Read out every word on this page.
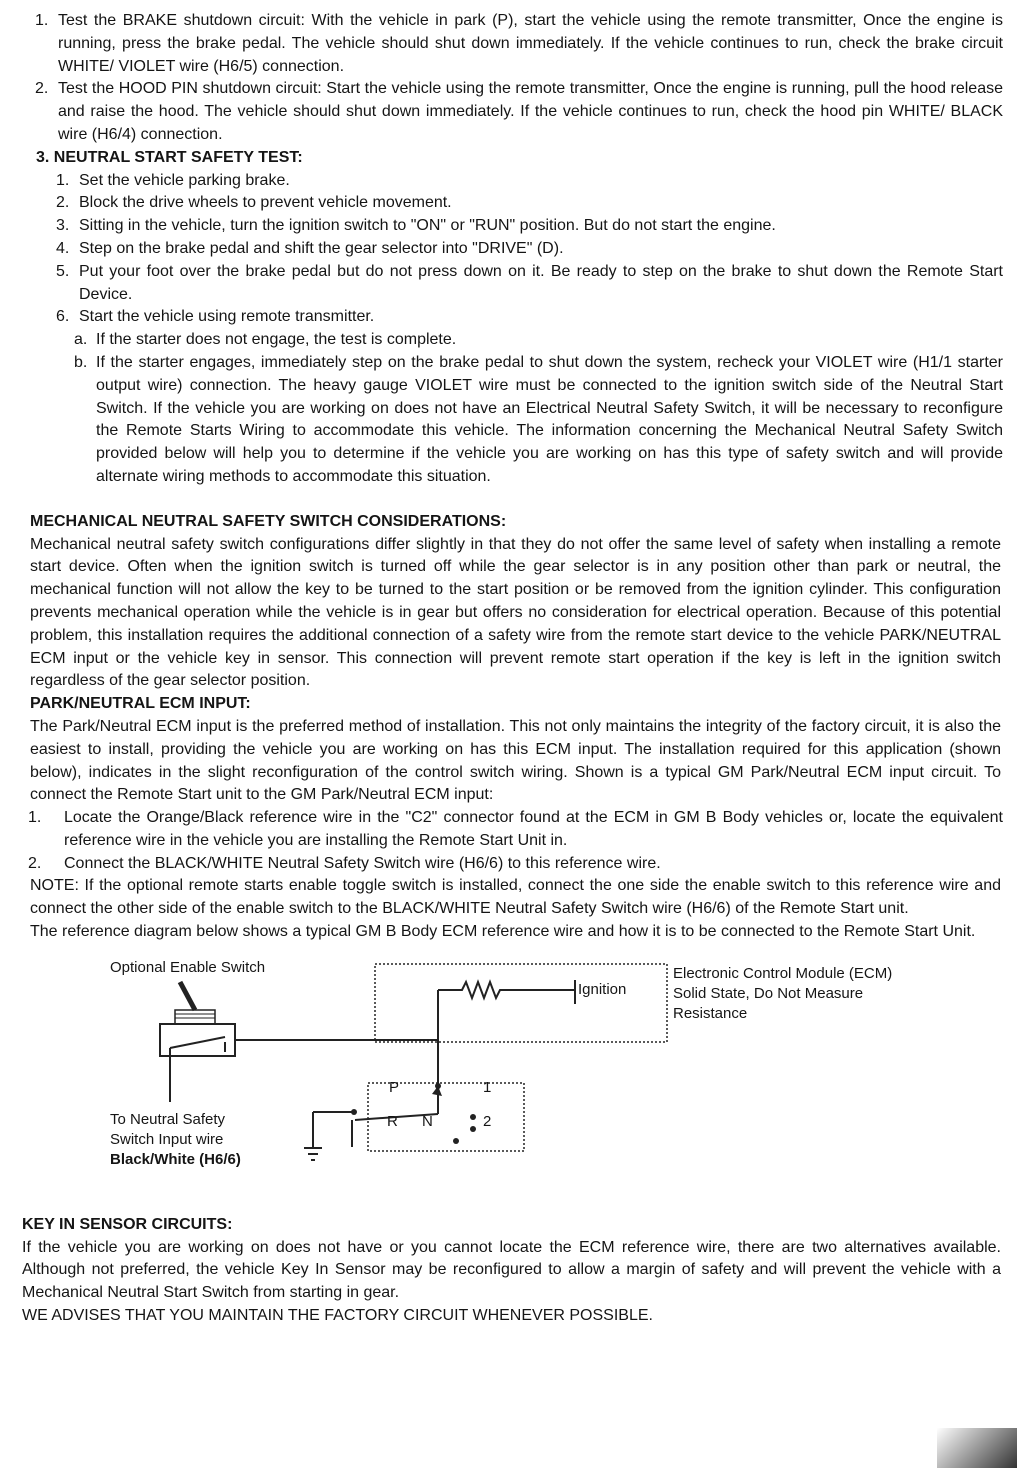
1. Test the BRAKE shutdown circuit: With the vehicle in park (P), start the vehicle using the remote transmitter, Once the engine is running, press the brake pedal. The vehicle should shut down immediately. If the vehicle continues to run, check the brake circuit WHITE/ VIOLET wire (H6/5) connection.

2. Test the HOOD PIN shutdown circuit: Start the vehicle using the remote transmitter, Once the engine is running, pull the hood release and raise the hood. The vehicle should shut down immediately. If the vehicle continues to run, check the hood pin WHITE/ BLACK wire (H6/4) connection.

3. NEUTRAL START SAFETY TEST:

1. Set the vehicle parking brake.

2. Block the drive wheels to prevent vehicle movement.

3. Sitting in the vehicle, turn the ignition switch to "ON" or "RUN" position. But do not start the engine.

4. Step on the brake pedal and shift the gear selector into "DRIVE" (D).

5. Put your foot over the brake pedal but do not press down on it. Be ready to step on the brake to shut down the Remote Start Device.

6. Start the vehicle using remote transmitter.

a. If the starter does not engage, the test is complete.

b. If the starter engages, immediately step on the brake pedal to shut down the system, recheck your VIOLET wire (H1/1 starter output wire) connection. The heavy gauge VIOLET wire must be connected to the ignition switch side of the Neutral Start Switch. If the vehicle you are working on does not have an Electrical Neutral Safety Switch, it will be necessary to reconfigure the Remote Starts Wiring to accommodate this vehicle. The information concerning the Mechanical Neutral Safety Switch provided below will help you to determine if the vehicle you are working on has this type of safety switch and will provide alternate wiring methods to accommodate this situation.

MECHANICAL NEUTRAL SAFETY SWITCH CONSIDERATIONS:

Mechanical neutral safety switch configurations differ slightly in that they do not offer the same level of safety when installing a remote start device. Often when the ignition switch is turned off while the gear selector is in any position other than park or neutral, the mechanical function will not allow the key to be turned to the start position or be removed from the ignition cylinder. This configuration prevents mechanical operation while the vehicle is in gear but offers no consideration for electrical operation. Because of this potential problem, this installation requires the additional connection of a safety wire from the remote start device to the vehicle PARK/NEUTRAL ECM input or the vehicle key in sensor. This connection will prevent remote start operation if the key is left in the ignition switch regardless of the gear selector position.

PARK/NEUTRAL ECM INPUT:

The Park/Neutral ECM input is the preferred method of installation. This not only maintains the integrity of the factory circuit, it is also the easiest to install, providing the vehicle you are working on has this ECM input. The installation required for this application (shown below), indicates in the slight reconfiguration of the control switch wiring. Shown is a typical GM Park/Neutral ECM input circuit. To connect the Remote Start unit to the GM Park/Neutral ECM input:

1. Locate the Orange/Black reference wire in the "C2" connector found at the ECM in GM B Body vehicles or, locate the equivalent reference wire in the vehicle you are installing the Remote Start Unit in.

2. Connect the BLACK/WHITE Neutral Safety Switch wire (H6/6) to this reference wire.

NOTE: If the optional remote starts enable toggle switch is installed, connect the one side the enable switch to this reference wire and connect the other side of the enable switch to the BLACK/WHITE Neutral Safety Switch wire (H6/6) of the Remote Start unit.

The reference diagram below shows a typical GM B Body ECM reference wire and how it is to be connected to the Remote Start Unit.

Optional Enable Switch
Ignition
Electronic Control Module (ECM)
Solid State, Do Not Measure
Resistance
P
R N
1
2
To Neutral Safety
Switch Input wire
Black/White (H6/6)

KEY IN SENSOR CIRCUITS:

If the vehicle you are working on does not have or you cannot locate the ECM reference wire, there are two alternatives available. Although not preferred, the vehicle Key In Sensor may be reconfigured to allow a margin of safety and will prevent the vehicle with a Mechanical Neutral Start Switch from starting in gear.

WE ADVISES THAT YOU MAINTAIN THE FACTORY CIRCUIT WHENEVER POSSIBLE.
